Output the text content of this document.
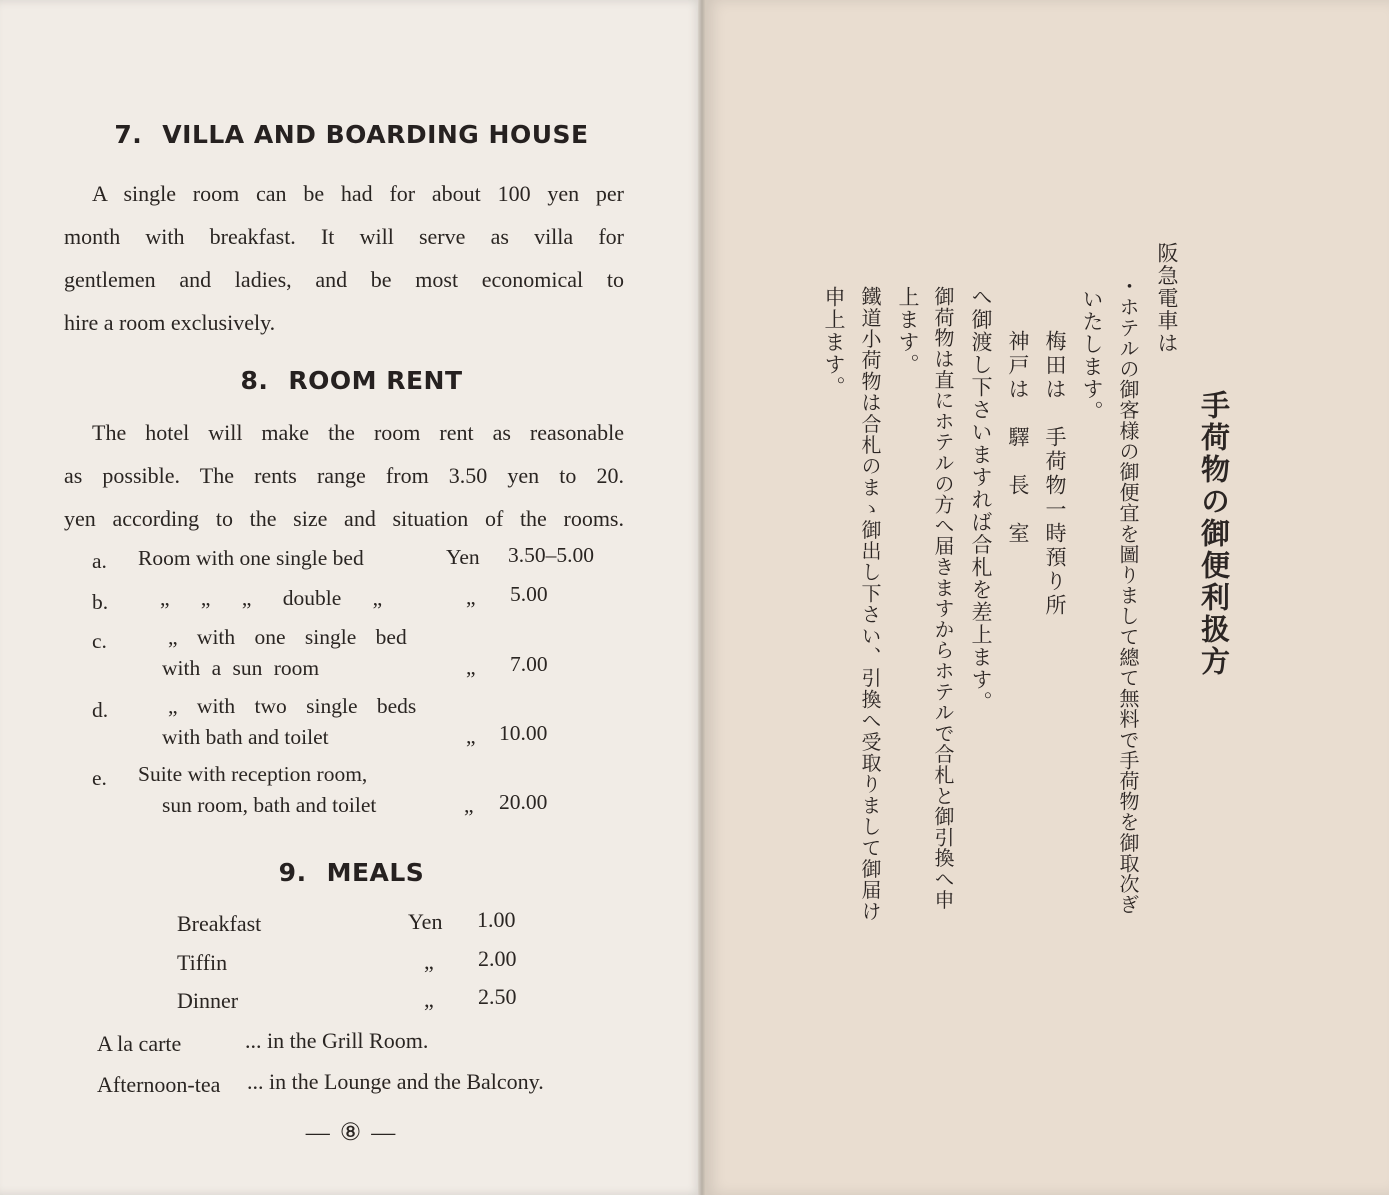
7. VILLA AND BOARDING HOUSE
A single room can be had for about 100 yen per
month with breakfast. It will serve as villa for
gentlemen and ladies, and be most economical to
hire a room exclusively.
8. ROOM RENT
The hotel will make the room rent as reasonable
as possible. The rents range from 3.50 yen to 20.
yen according to the size and situation of the rooms.
a. Room with one single bed	Yen 3.50–5.00
b. „ „ „ double „	„ 5.00
c.	„ with one single bed
with a sun room	„ 7.00
d.	„ with two single beds
with bath and toilet	„ 10.00
e. Suite with reception room,
sun room, bath and toilet	„ 20.00
9. MEALS
Breakfast	Yen 1.00
Tiffin	„ 2.00
Dinner	„ 2.50
A la carte	... in the Grill Room.
Afternoon-tea ... in the Lounge and the Balcony.
— ⑧ —
手荷物の御便利扱方
阪急電車は
・ホテルの御客様の御便宜を圖りまして總て無料で手荷物を御取次ぎ
いたします。
梅田は　手荷物一時預り所
神戸は　驛　長　室
へ御渡し下さいますれば合札を差上ます。
御荷物は直にホテルの方へ届きますからホテルで合札と御引換へ申
上ます。
鐵道小荷物は合札のまゝ御出し下さい、引換へ受取りまして御届け
申上ます。
